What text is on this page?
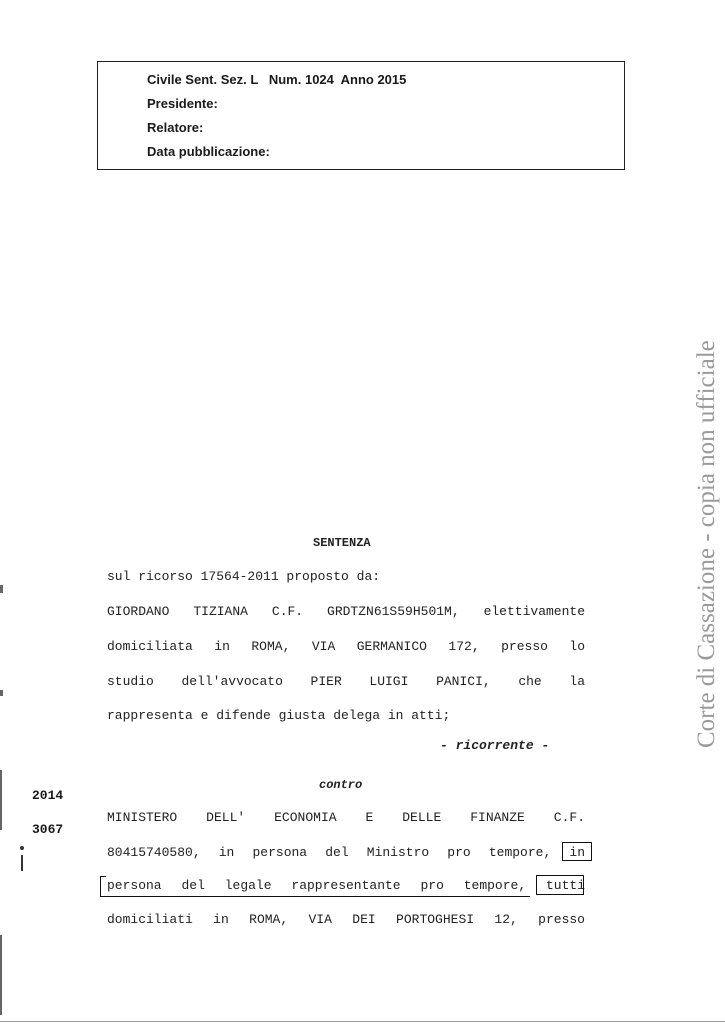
Civile Sent. Sez. L   Num. 1024  Anno 2015
Presidente:
Relatore:
Data pubblicazione:
Corte di Cassazione - copia non ufficiale
SENTENZA
sul ricorso 17564-2011 proposto da:
GIORDANO TIZIANA C.F. GRDTZN61S59H501M, elettivamente
domiciliata in ROMA, VIA GERMANICO 172, presso lo
studio dell'avvocato PIER LUIGI PANICI, che la
rappresenta e difende giusta delega in atti;
- ricorrente -
contro
MINISTERO DELL' ECONOMIA E DELLE FINANZE C.F.
80415740580, in persona del Ministro pro tempore, in
persona del legale rappresentante pro tempore, tutti
domiciliati in ROMA, VIA DEI PORTOGHESI 12, presso
2014
3067
